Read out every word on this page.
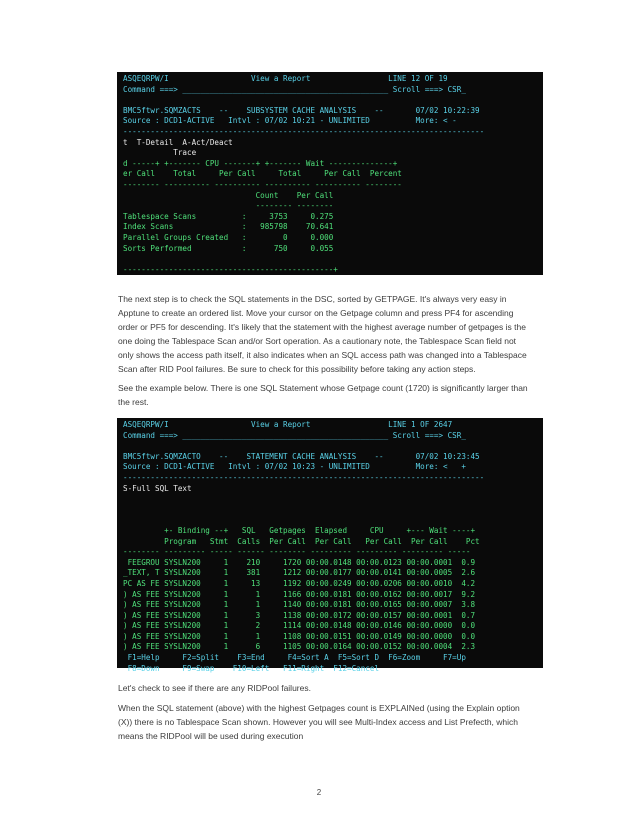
ASQEQRPW/I                  View a Report                 LINE 12 OF 19
Command ===> _____________________________________________ Scroll ===> CSR_
BMC5ftwr.SQMZACTS    --    SUBSYSTEM CACHE ANALYSIS    --       07/02 10:22:39
Source : DCD1-ACTIVE   Intvl : 07/02 10:21 - UNLIMITED          More: < -
-------------------------------------------------------------------------------
t  T-Detail  A-Act/Deact
Trace
d -----+ +------- CPU -------+ +------- Wait --------------+
er Call    Total     Per Call     Total     Per Call  Percent
-------- ---------- ---------- ---------- ---------- --------
Count    Per Call
-------- --------
Tablespace Scans          :     3753     0.275
Index Scans               :   985798    70.641
Parallel Groups Created   :        0     0.000
Sorts Performed           :      750     0.055
----------------------------------------------+

The next step is to check the SQL statements in the DSC, sorted by GETPAGE. It's always very easy in Apptune to create an ordered list. Move your cursor on the Getpage column and press PF4 for ascending order or PF5 for descending. It's likely that the statement with the highest average number of getpages is the one doing the Tablespace Scan and/or Sort operation. As a cautionary note, the Tablespace Scan field not only shows the access path itself, it also indicates when an SQL access path was changed into a Tablespace Scan after RID Pool failures. Be sure to check for this possibility before taking any action steps.

See the example below. There is one SQL Statement whose Getpage count (1720) is significantly larger than the rest.

ASQEQRPW/I                  View a Report                 LINE 1 OF 2647
Command ===> _____________________________________________ Scroll ===> CSR_
BMC5ftwr.SQMZACTO    --    STATEMENT CACHE ANALYSIS    --       07/02 10:23:45
Source : DCD1-ACTIVE   Intvl : 07/02 10:23 - UNLIMITED          More: <   +
-------------------------------------------------------------------------------
S-Full SQL Text
+- Binding --+   SQL   Getpages  Elapsed     CPU     +--- Wait ----+
Program   Stmt  Calls  Per Call  Per Call   Per Call  Per Call    Pct
-------- --------- ----- ------ -------- --------- --------- --------- -----
FEEGROU SYSLN200     1    210     1720 00:00.0148 00:00.0123 00:00.0001  0.9
_TEXT, T SYSLN200     1    381     1212 00:00.0177 00:00.0141 00:00.0005  2.6
PC AS FE SYSLN200     1     13     1192 00:00.0249 00:00.0206 00:00.0010  4.2
) AS FEE SYSLN200     1      1     1166 00:00.0181 00:00.0162 00:00.0017  9.2
) AS FEE SYSLN200     1      1     1140 00:00.0181 00:00.0165 00:00.0007  3.8
) AS FEE SYSLN200     1      3     1138 00:00.0172 00:00.0157 00:00.0001  0.7
) AS FEE SYSLN200     1      2     1114 00:00.0148 00:00.0146 00:00.0000  0.0
) AS FEE SYSLN200     1      1     1108 00:00.0151 00:00.0149 00:00.0000  0.0
) AS FEE SYSLN200     1      6     1105 00:00.0164 00:00.0152 00:00.0004  2.3
F1=Help     F2=Split    F3=End     F4=Sort A  F5=Sort D  F6=Zoom     F7=Up
F8=Down     F9=Swap    F10=Left   F11=Right  F12=Cancel

Let's check to see if there are any RIDPool failures.

When the SQL statement (above) with the highest Getpages count is EXPLAINed (using the Explain option (X)) there is no Tablespace Scan shown. However you will see Multi-Index access and List Prefecth, which means the RIDPool will be used during execution

2
